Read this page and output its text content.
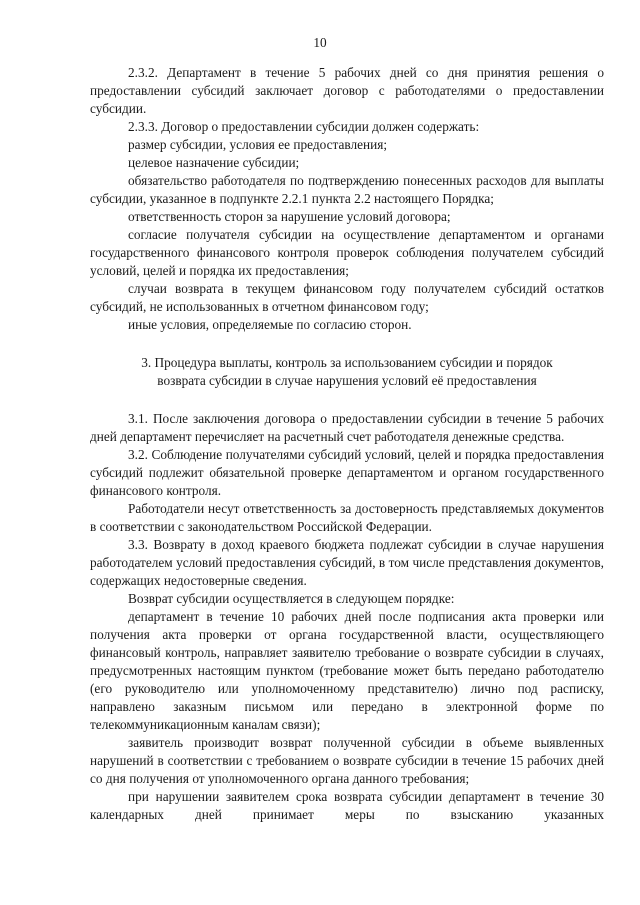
10

2.3.2. Департамент в течение 5 рабочих дней со дня принятия решения о предоставлении субсидий заключает договор с работодателями о предоставлении субсидии.

2.3.3. Договор о предоставлении субсидии должен содержать:

размер субсидии, условия ее предоставления;

целевое назначение субсидии;

обязательство работодателя по подтверждению понесенных расходов для выплаты субсидии, указанное в подпункте 2.2.1 пункта 2.2 настоящего Порядка;

ответственность сторон за нарушение условий договора;

согласие получателя субсидии на осуществление департаментом и органами государственного финансового контроля проверок соблюдения получателем субсидий условий, целей и порядка их предоставления;

случаи возврата в текущем финансовом году получателем субсидий остатков субсидий, не использованных в отчетном финансовом году;

иные условия, определяемые по согласию сторон.

3. Процедура выплаты, контроль за использованием субсидии и порядок
возврата субсидии в случае нарушения условий её предоставления

3.1. После заключения договора о предоставлении субсидии в течение 5 рабочих дней департамент перечисляет на расчетный счет работодателя денежные средства.

3.2. Соблюдение получателями субсидий условий, целей и порядка предоставления субсидий подлежит обязательной проверке департаментом и органом государственного финансового контроля.

Работодатели несут ответственность за достоверность представляемых документов в соответствии с законодательством Российской Федерации.

3.3. Возврату в доход краевого бюджета подлежат субсидии в случае нарушения работодателем условий предоставления субсидий, в том числе представления документов, содержащих недостоверные сведения.

Возврат субсидии осуществляется в следующем порядке:

департамент в течение 10 рабочих дней после подписания акта проверки или получения акта проверки от органа государственной власти, осуществляющего финансовый контроль, направляет заявителю требование о возврате субсидии в случаях, предусмотренных настоящим пунктом (требование может быть передано работодателю (его руководителю или уполномоченному представителю) лично под расписку, направлено заказным письмом или передано в электронной форме по телекоммуникационным каналам связи);

заявитель производит возврат полученной субсидии в объеме выявленных нарушений в соответствии с требованием о возврате субсидии в течение 15 рабочих дней со дня получения от уполномоченного органа данного требования;

при нарушении заявителем срока возврата субсидии департамент в течение 30 календарных дней принимает меры по взысканию указанных
